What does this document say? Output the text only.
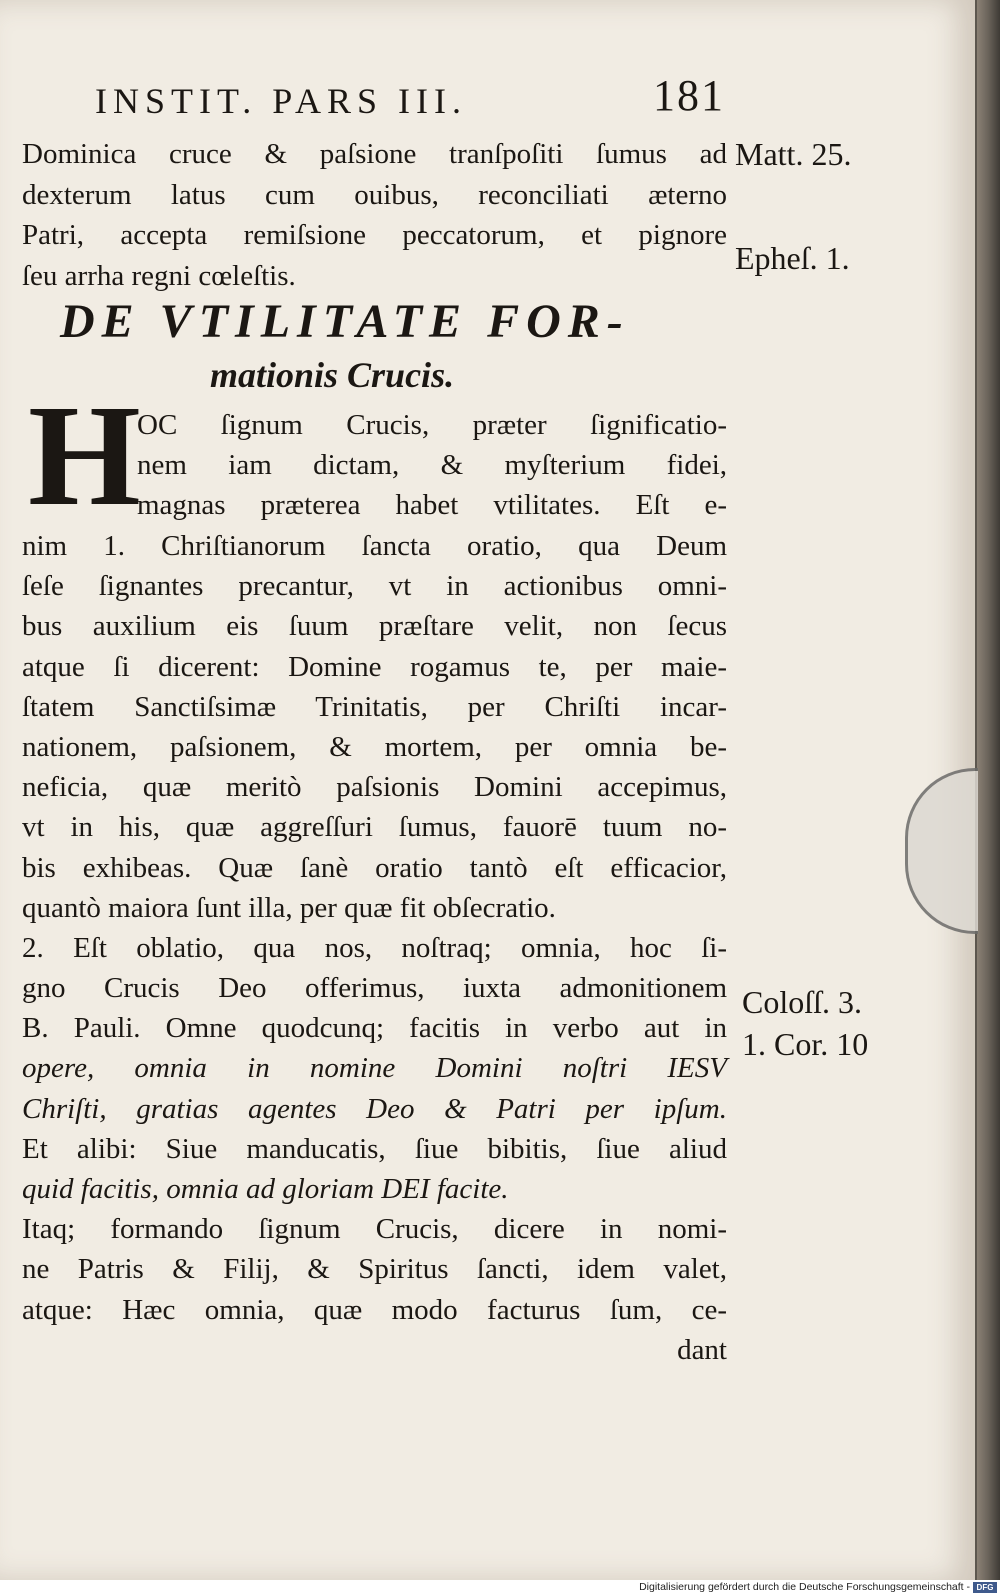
INSTIT. PARS III.	181
Dominica cruce & paſsione tranſpoſiti ſumus ad
dexterum latus cum ouibus, reconciliati æterno
Patri, accepta remiſsione peccatorum, et pignore
ſeu arrha regni cœleſtis.
DE VTILITATE FOR-
mationis Crucis.
H
OC ſignum Crucis, præter ſignificatio-
nem iam dictam, & myſterium fidei,
magnas præterea habet vtilitates. Eſt e-
nim 1. Chriſtianorum ſancta oratio, qua Deum
ſeſe ſignantes precantur, vt in actionibus omni-
bus auxilium eis ſuum præſtare velit, non ſecus
atque ſi dicerent: Domine rogamus te, per maie-
ſtatem Sanctiſsimæ Trinitatis, per Chriſti incar-
nationem, paſsionem, & mortem, per omnia be-
neficia, quæ meritò paſsionis Domini accepimus,
vt in his, quæ aggreſſuri ſumus, fauorē tuum no-
bis exhibeas. Quæ ſanè oratio tantò eſt efficacior,
quantò maiora ſunt illa, per quæ fit obſecratio.
2. Eſt oblatio, qua nos, noſtraq; omnia, hoc ſi-
gno Crucis Deo offerimus, iuxta admonitionem
B. Pauli. Omne quodcunq; facitis in verbo aut in
opere, omnia in nomine Domini noſtri IESV
Chriſti, gratias agentes Deo & Patri per ipſum.
Et alibi: Siue manducatis, ſiue bibitis, ſiue aliud
quid facitis, omnia ad gloriam DEI facite.
Itaq; formando ſignum Crucis, dicere in nomi-
ne Patris & Filij, & Spiritus ſancti, idem valet,
atque: Hæc omnia, quæ modo facturus ſum, ce-
dant
Matt. 25.
Epheſ. 1.
Coloſſ. 3.
1. Cor. 10
Digitalisierung gefördert durch die Deutsche Forschungsgemeinschaft - DFG
